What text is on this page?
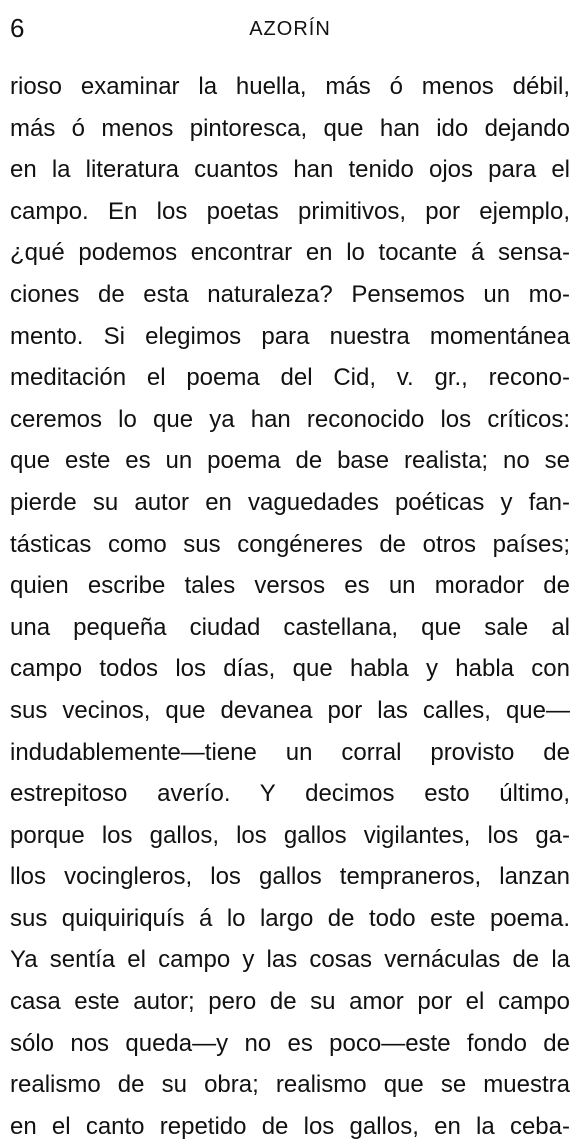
6	AZORÍN
rioso examinar la huella, más ó menos débil,
más ó menos pintoresca, que han ido dejando
en la literatura cuantos han tenido ojos para el
campo. En los poetas primitivos, por ejemplo,
¿qué podemos encontrar en lo tocante á sensa-
ciones de esta naturaleza? Pensemos un mo-
mento. Si elegimos para nuestra momentánea
meditación el poema del Cid, v. gr., recono-
ceremos lo que ya han reconocido los críticos:
que este es un poema de base realista; no se
pierde su autor en vaguedades poéticas y fan-
tásticas como sus congéneres de otros países;
quien escribe tales versos es un morador de
una pequeña ciudad castellana, que sale al
campo todos los días, que habla y habla con
sus vecinos, que devanea por las calles, que—
indudablemente—tiene un corral provisto de
estrepitoso averío. Y decimos esto último,
porque los gallos, los gallos vigilantes, los ga-
llos vocingleros, los gallos tempraneros, lanzan
sus quiquiriquís á lo largo de todo este poema.
Ya sentía el campo y las cosas vernáculas de la
casa este autor; pero de su amor por el campo
sólo nos queda—y no es poco—este fondo de
realismo de su obra; realismo que se muestra
en el canto repetido de los gallos, en la ceba-
